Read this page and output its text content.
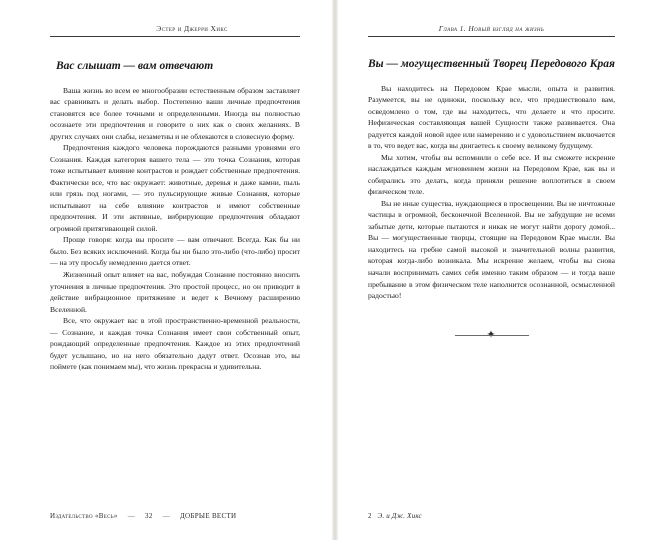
Эстер и Джерри Хикс
Вас слышат — вам отвечают

Ваша жизнь во всем ее многообразии естественным образом заставляет вас сравнивать и делать выбор. Постепенно ваши личные предпочтения становятся все более точными и определенными. Иногда вы полностью осознаете эти предпочтения и говорите о них как о своих желаниях. В других случаях они слабы, незаметны и не облекаются в словесную форму.

Предпочтения каждого человека порождаются разными уровнями его Сознания. Каждая категория вашего тела — это точка Сознания, которая тоже испытывает влияние контрастов и рождает собственные предпочтения. Фактически все, что вас окружает: животные, деревья и даже камни, пыль или грязь под ногами, — это пульсирующие живые Сознания, которые испытывают на себе влияние контрастов и имеют собственные предпочтения. И эти активные, вибрирующие предпочтения обладают огромной притягивающей силой.

Проще говоря: когда вы просите — вам отвечают. Всегда. Как бы ни было. Без всяких исключений. Когда бы ни было это-либо (что-либо) просит — на эту просьбу немедленно дается ответ.

Жизненный опыт влияет на вас, побуждая Сознание постоянно вносить уточнения в личные предпочтения. Это простой процесс, но он приводит в действие вибрационное притяжение и ведет к Вечному расширению Вселенной.

Все, что окружает вас в этой пространственно-временной реальности, — Сознание, и каждая точка Сознания имеет свои собственный опыт, рождающий определенные предпочтения. Каждое из этих предпочтений будет услышано, но на него обязательно дадут ответ. Осознав это, вы поймете (как понимаем мы), что жизнь прекрасна и удивительна.

Издательство «Весь» — 32 — ДОБРЫЕ ВЕСТИ
Глава 1. Новый взгляд на жизнь
Вы — могущественный Творец Передового Края

Вы находитесь на Передовом Крае мысли, опыта и развития. Разумеется, вы не одиноки, поскольку все, что предшествовало вам, осведомлено о том, где вы находитесь, что делаете и что просите. Нефизическая составляющая вашей Сущности также развивается. Она радуется каждой новой идее или намерению и с удовольствием включается в то, что ведет вас, когда вы двигаетесь к своему великому будущему.

Мы хотим, чтобы вы вспомнили о себе все. И вы сможете искренне наслаждаться каждым мгновением жизни на Передовом Крае, как вы и собирались это делать, когда приняли решение воплотиться в своем физическом теле.

Вы не иные существа, нуждающиеся в просвещении. Вы не ничтожные частицы в огромной, бесконечной Вселенной. Вы не забудущие не всеми забытые дети, которые пытаются и никак не могут найти дорогу домой... Вы — могущественные творцы, стоящие на Передовом Крае мысли. Вы находитесь на гребне самой высокой и значительной волны развития, которая когда-либо возникала. Мы искренне желаем, чтобы вы снова начали воспринимать самих себя именно таким образом — и тогда ваше пребывание в этом физическом теле наполнится осознанной, осмысленной радостью!

✦
2 Э. и Дж. Хикс
